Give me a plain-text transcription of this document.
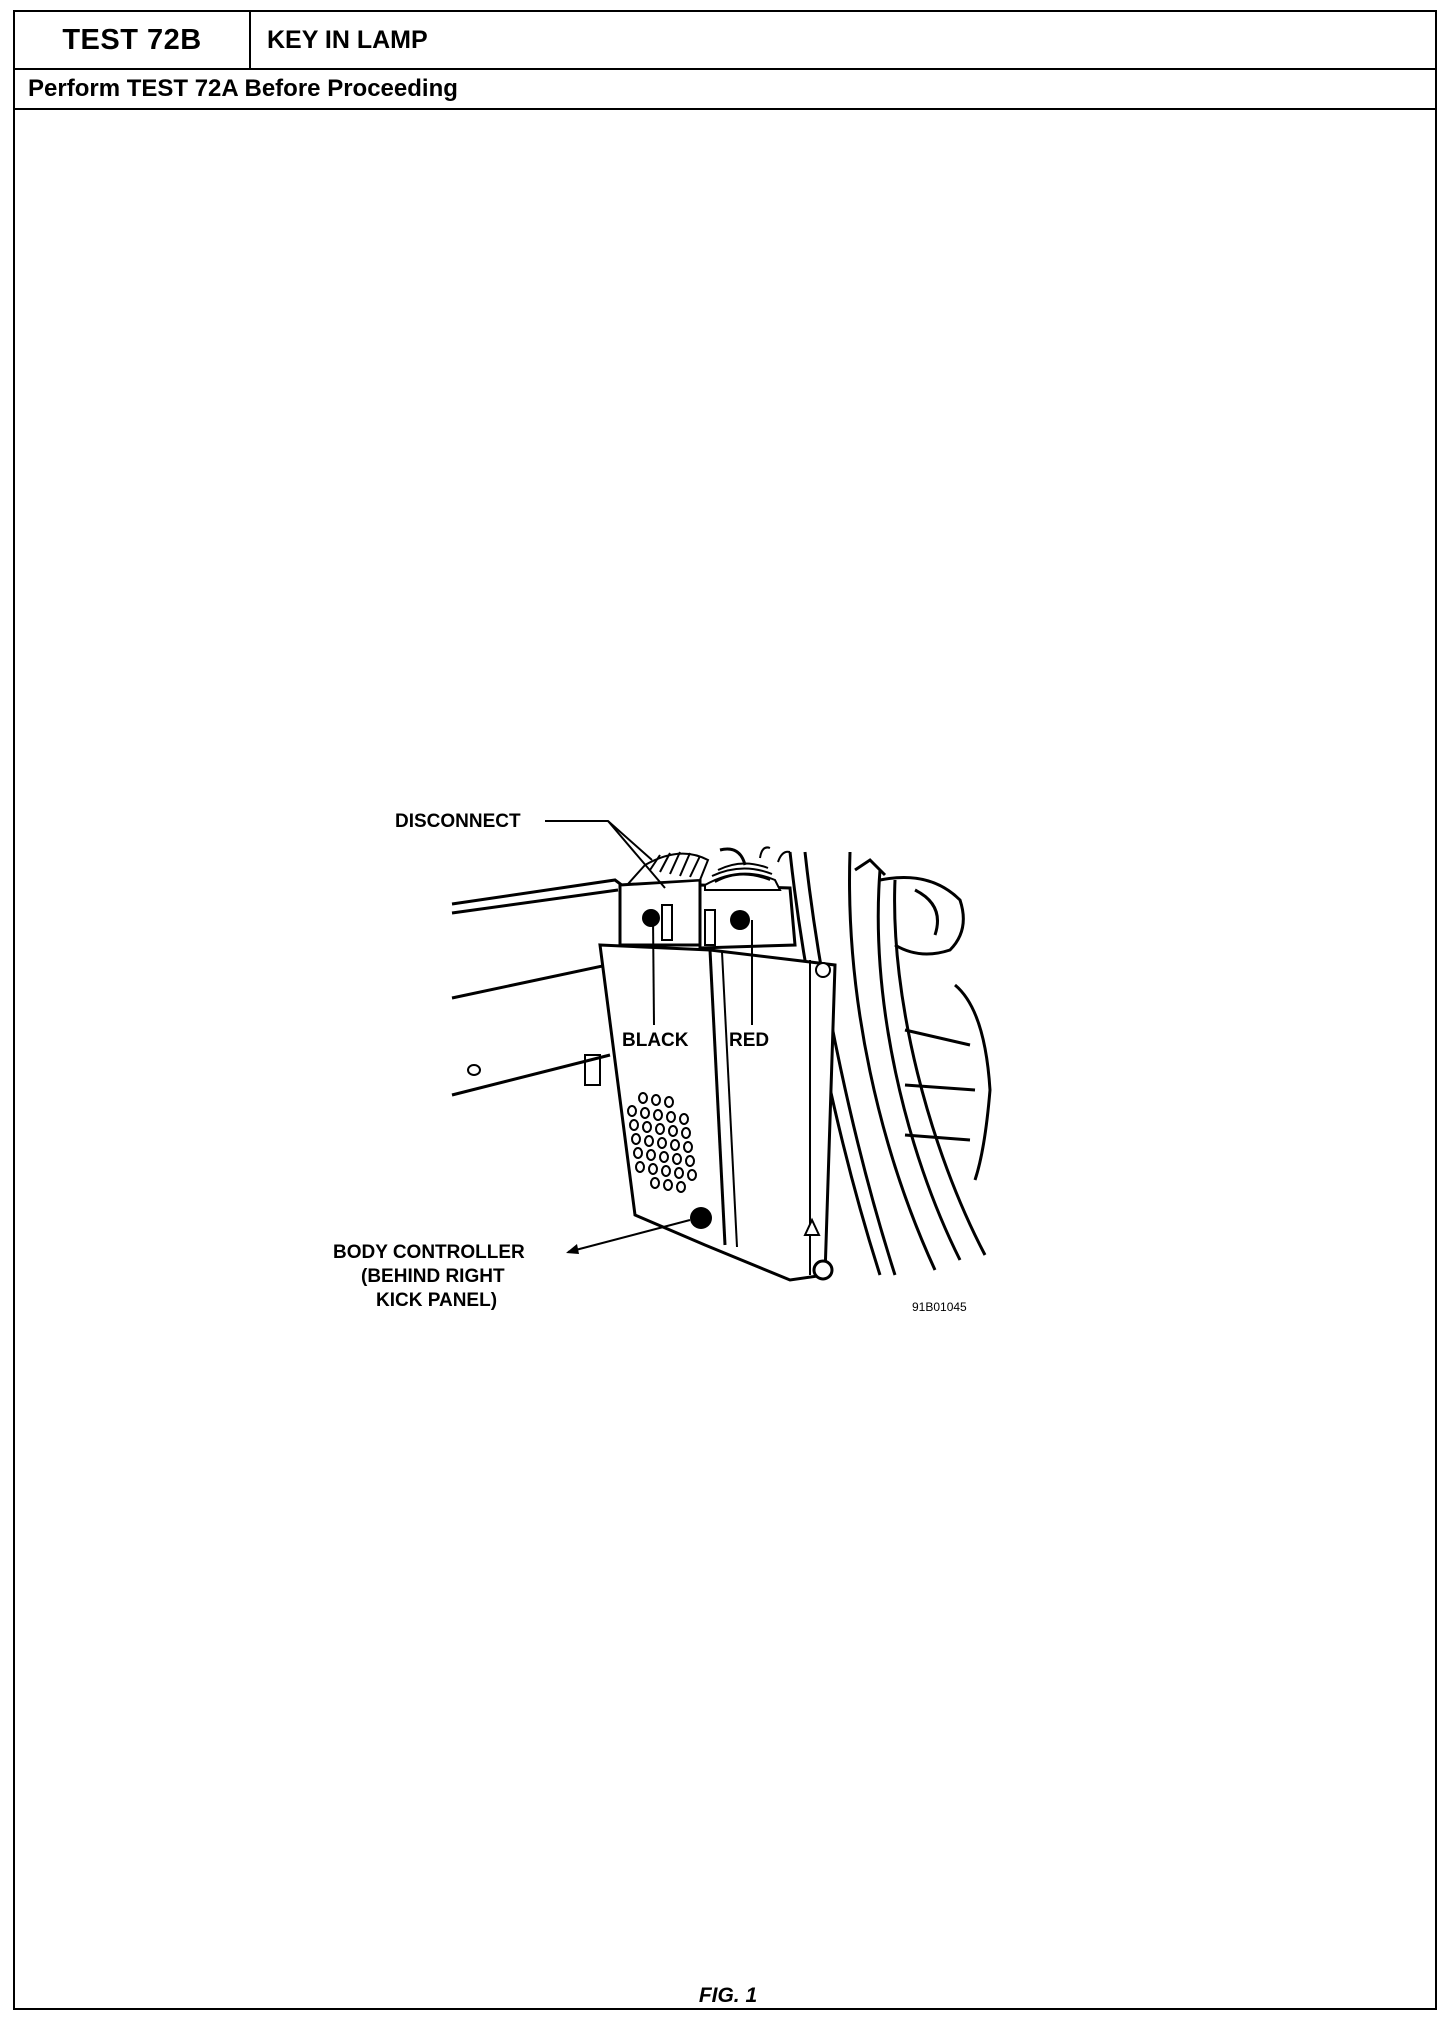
TEST 72B	KEY IN LAMP
Perform TEST 72A Before Proceeding
DISCONNECT
BLACK RED
BODY CONTROLLER
(BEHIND RIGHT
KICK PANEL)	91B01045
FIG. 1
